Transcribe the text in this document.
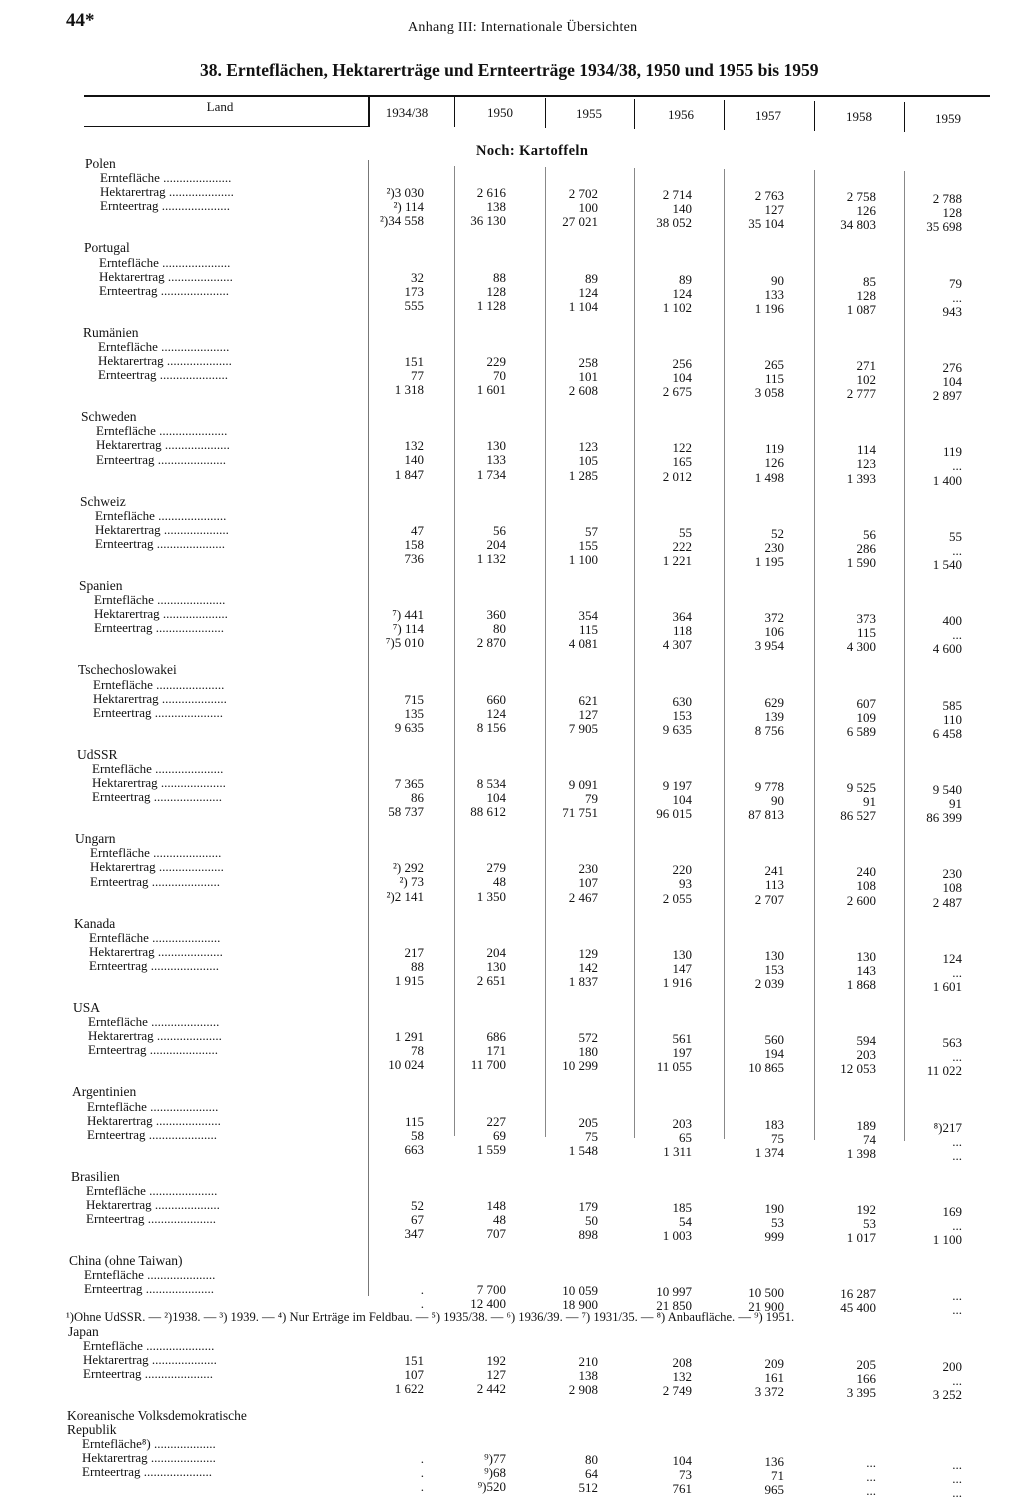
44*	Anhang III: Internationale Übersichten
38. Ernteflächen, Hektarerträge und Ernteerträge 1934/38, 1950 und 1955 bis 1959
Land	1934/38	1950	1955	1956	1957	1958	1959
Polen
Erntefläche .....................
²)3 030	2 616	2 702	2 714	2 763	2 758	2 788
Hektarertrag ....................
²) 114	138	100	140	127	126	128
Ernteertrag .....................
²)34 558	36 130	27 021	38 052	35 104	34 803	35 698
Portugal
Erntefläche .....................
32	88	89	89	90	85	79
Hektarertrag ....................
173	128	124	124	133	128	...
Ernteertrag .....................
555	1 128	1 104	1 102	1 196	1 087	943
Rumänien
Erntefläche .....................
151	229	258	256	265	271	276
Hektarertrag ....................
77	70	101	104	115	102	104
Ernteertrag .....................
1 318	1 601	2 608	2 675	3 058	2 777	2 897
Schweden
Erntefläche .....................
132	130	123	122	119	114	119
Hektarertrag ....................
140	133	105	165	126	123	...
Ernteertrag .....................
1 847	1 734	1 285	2 012	1 498	1 393	1 400
Schweiz
Erntefläche .....................
47	56	57	55	52	56	55
Hektarertrag ....................
158	204	155	222	230	286	...
Ernteertrag .....................
736	1 132	1 100	1 221	1 195	1 590	1 540
Spanien
Erntefläche .....................
⁷) 441	360	354	364	372	373	400
Hektarertrag ....................
⁷) 114	80	115	118	106	115	...
Ernteertrag .....................
⁷)5 010	2 870	4 081	4 307	3 954	4 300	4 600
Tschechoslowakei
Erntefläche .....................
715	660	621	630	629	607	585
Hektarertrag ....................
135	124	127	153	139	109	110
Ernteertrag .....................
9 635	8 156	7 905	9 635	8 756	6 589	6 458
UdSSR
Erntefläche .....................
7 365	8 534	9 091	9 197	9 778	9 525	9 540
Hektarertrag ....................
86	104	79	104	90	91	91
Ernteertrag .....................
58 737	88 612	71 751	96 015	87 813	86 527	86 399
Ungarn
Erntefläche .....................
²) 292	279	230	220	241	240	230
Hektarertrag ....................
²) 73	48	107	93	113	108	108
Ernteertrag .....................
²)2 141	1 350	2 467	2 055	2 707	2 600	2 487
Kanada
Erntefläche .....................
217	204	129	130	130	130	124
Hektarertrag ....................
88	130	142	147	153	143	...
Ernteertrag .....................
1 915	2 651	1 837	1 916	2 039	1 868	1 601
USA
Erntefläche .....................
1 291	686	572	561	560	594	563
Hektarertrag ....................
78	171	180	197	194	203	...
Ernteertrag .....................
10 024	11 700	10 299	11 055	10 865	12 053	11 022
Argentinien
Erntefläche .....................
115	227	205	203	183	189	⁸)217
Hektarertrag ....................
58	69	75	65	75	74	...
Ernteertrag .....................
663	1 559	1 548	1 311	1 374	1 398	...
Brasilien
Erntefläche .....................
52	148	179	185	190	192	169
Hektarertrag ....................
67	48	50	54	53	53	...
Ernteertrag .....................
347	707	898	1 003	999	1 017	1 100
China (ohne Taiwan)
Erntefläche .....................
.	7 700	10 059	10 997	10 500	16 287	...
Ernteertrag .....................
.	12 400	18 900	21 850	21 900	45 400	...
Japan
Erntefläche .....................
151	192	210	208	209	205	200
Hektarertrag ....................
107	127	138	132	161	166	...
Ernteertrag .....................
1 622	2 442	2 908	2 749	3 372	3 395	3 252
Koreanische Volksdemokratische
Republik
Erntefläche⁸) ...................
.	⁹)77	80	104	136	...	...
Hektarertrag ....................
.	⁹)68	64	73	71	...	...
Ernteertrag .....................
.	⁹)520	512	761	965	...	...
Noch: Kartoffeln
¹)Ohne UdSSR. — ²)1938. — ³) 1939. — ⁴) Nur Erträge im Feldbau. — ⁵) 1935/38. — ⁶) 1936/39. — ⁷) 1931/35. — ⁸) Anbaufläche. — ⁹) 1951.
